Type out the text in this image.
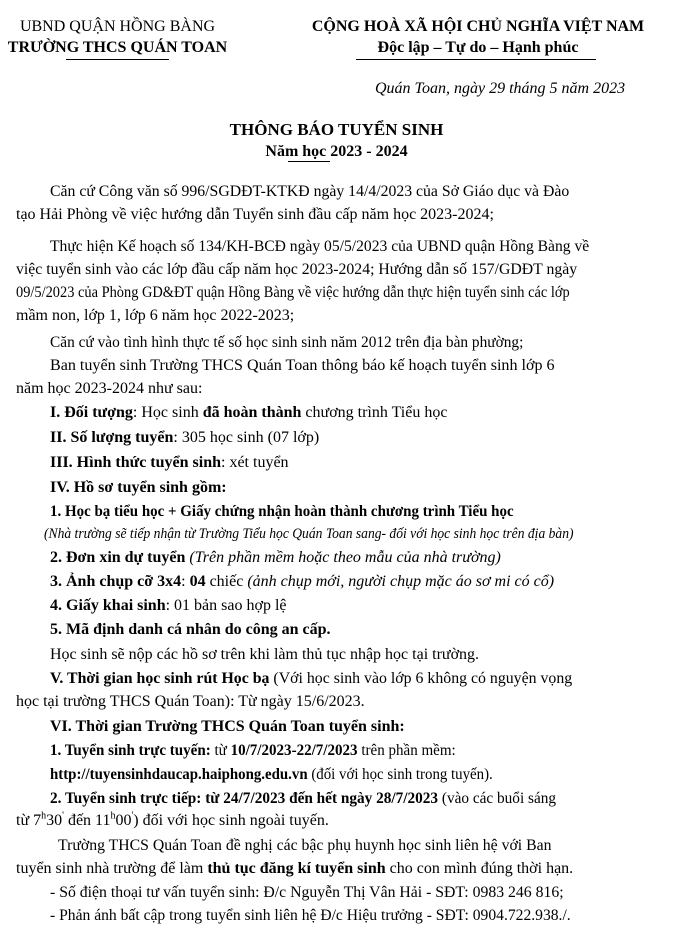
UBND QUẬN HỒNG BÀNG
TRƯỜNG THCS QUÁN TOAN
CỘNG HOÀ XÃ HỘI CHỦ NGHĨA VIỆT NAM
Độc lập – Tự do – Hạnh phúc
Quán Toan, ngày 29 tháng 5 năm 2023
THÔNG BÁO TUYỂN SINH
Năm học 2023 - 2024
Căn cứ Công văn số 996/SGDĐT-KTKĐ ngày 14/4/2023 của Sở Giáo dục và Đào
tạo Hải Phòng về việc hướng dẫn Tuyển sinh đầu cấp năm học 2023-2024;
Thực hiện Kế hoạch số 134/KH-BCĐ ngày 05/5/2023 của UBND quận Hồng Bàng về
việc tuyển sinh vào các lớp đầu cấp năm học 2023-2024; Hướng dẫn số 157/GDĐT ngày
09/5/2023 của Phòng GD&ĐT quận Hồng Bàng về việc hướng dẫn thực hiện tuyển sinh các lớp
mầm non, lớp 1, lớp 6 năm học 2022-2023;
Căn cứ vào tình hình thực tế số học sinh sinh năm 2012 trên địa bàn phường;
Ban tuyển sinh Trường THCS Quán Toan thông báo kế hoạch tuyển sinh lớp 6
năm học 2023-2024 như sau:
I. Đối tượng: Học sinh đã hoàn thành chương trình Tiểu học
II. Số lượng tuyển: 305 học sinh (07 lớp)
III. Hình thức tuyển sinh: xét tuyển
IV. Hồ sơ tuyển sinh gồm:
1. Học bạ tiểu học + Giấy chứng nhận hoàn thành chương trình Tiểu học
(Nhà trường sẽ tiếp nhận từ Trường Tiểu học Quán Toan sang- đối với học sinh học trên địa bàn)
2. Đơn xin dự tuyển (Trên phần mềm hoặc theo mẫu của nhà trường)
3. Ảnh chụp cỡ 3x4: 04 chiếc (ảnh chụp mới, người chụp mặc áo sơ mi có cổ)
4. Giấy khai sinh: 01 bản sao hợp lệ
5. Mã định danh cá nhân do công an cấp.
Học sinh sẽ nộp các hồ sơ trên khi làm thủ tục nhập học tại trường.
V. Thời gian học sinh rút Học bạ (Với học sinh vào lớp 6 không có nguyện vọng
học tại trường THCS Quán Toan): Từ ngày 15/6/2023.
VI. Thời gian Trường THCS Quán Toan tuyển sinh:
1. Tuyển sinh trực tuyến: từ 10/7/2023-22/7/2023 trên phần mềm:
http://tuyensinhdaucap.haiphong.edu.vn (đối với học sinh trong tuyến).
2. Tuyển sinh trực tiếp: từ 24/7/2023 đến hết ngày 28/7/2023 (vào các buổi sáng
từ 7$^h$30' đến 11$^h$00') đối với học sinh ngoài tuyến.
Trường THCS Quán Toan đề nghị các bậc phụ huynh học sinh liên hệ với Ban
tuyển sinh nhà trường để làm thủ tục đăng kí tuyển sinh cho con mình đúng thời hạn.
- Số điện thoại tư vấn tuyển sinh: Đ/c Nguyễn Thị Vân Hải - SĐT: 0983 246 816;
- Phản ánh bất cập trong tuyển sinh liên hệ Đ/c Hiệu trưởng - SĐT: 0904.722.938./.
